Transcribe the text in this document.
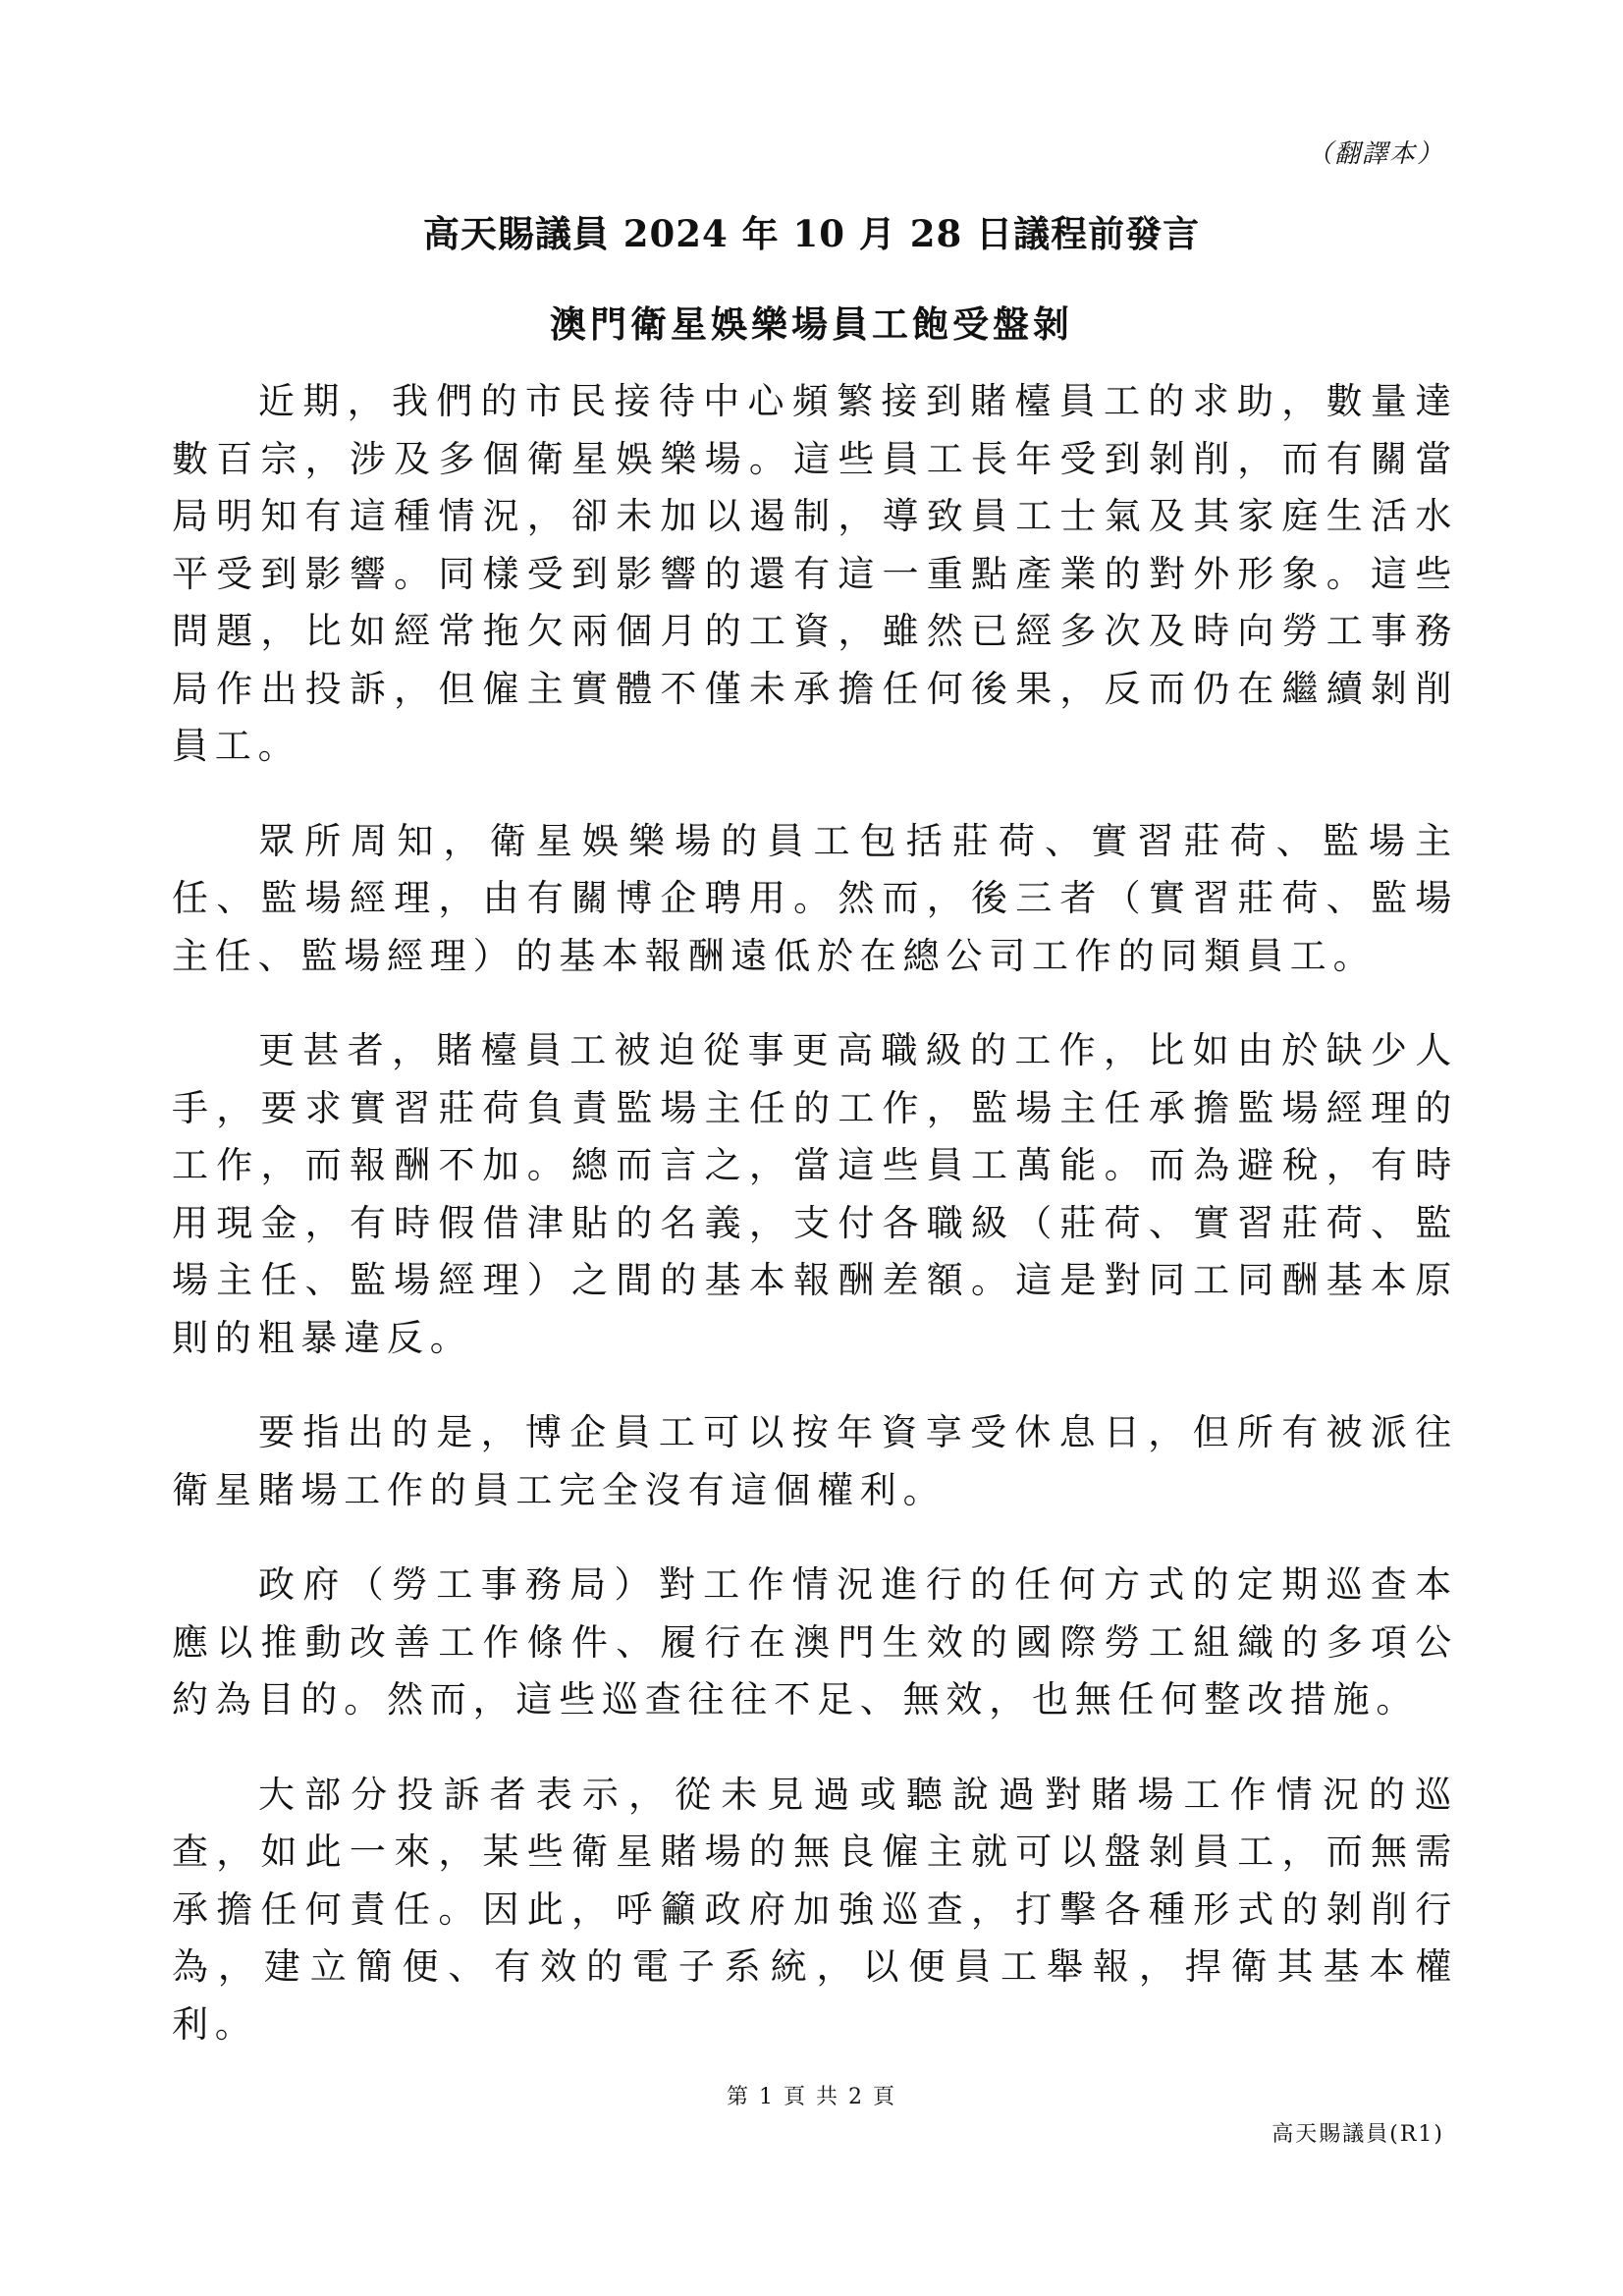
（翻譯本）
高天賜議員 2024 年 10 月 28 日議程前發言
澳門衛星娛樂場員工飽受盤剝

近期，我們的市民接待中心頻繁接到賭檯員工的求助，數量達數百宗，涉及多個衛星娛樂場。這些員工長年受到剝削，而有關當局明知有這種情況，卻未加以遏制，導致員工士氣及其家庭生活水平受到影響。同樣受到影響的還有這一重點產業的對外形象。這些問題，比如經常拖欠兩個月的工資，雖然已經多次及時向勞工事務局作出投訴，但僱主實體不僅未承擔任何後果，反而仍在繼續剝削員工。

眾所周知，衛星娛樂場的員工包括莊荷、實習莊荷、監場主任、監場經理，由有關博企聘用。然而，後三者（實習莊荷、監場主任、監場經理）的基本報酬遠低於在總公司工作的同類員工。

更甚者，賭檯員工被迫從事更高職級的工作，比如由於缺少人手，要求實習莊荷負責監場主任的工作，監場主任承擔監場經理的工作，而報酬不加。總而言之，當這些員工萬能。而為避稅，有時用現金，有時假借津貼的名義，支付各職級（莊荷、實習莊荷、監場主任、監場經理）之間的基本報酬差額。這是對同工同酬基本原則的粗暴違反。

要指出的是，博企員工可以按年資享受休息日，但所有被派往衛星賭場工作的員工完全沒有這個權利。

政府（勞工事務局）對工作情況進行的任何方式的定期巡查本應以推動改善工作條件、履行在澳門生效的國際勞工組織的多項公約為目的。然而，這些巡查往往不足、無效，也無任何整改措施。

大部分投訴者表示，從未見過或聽說過對賭場工作情況的巡查，如此一來，某些衛星賭場的無良僱主就可以盤剝員工，而無需承擔任何責任。因此，呼籲政府加強巡查，打擊各種形式的剝削行為，建立簡便、有效的電子系統，以便員工舉報，捍衛其基本權利。

第 1 頁 共 2 頁
高天賜議員(R1)
